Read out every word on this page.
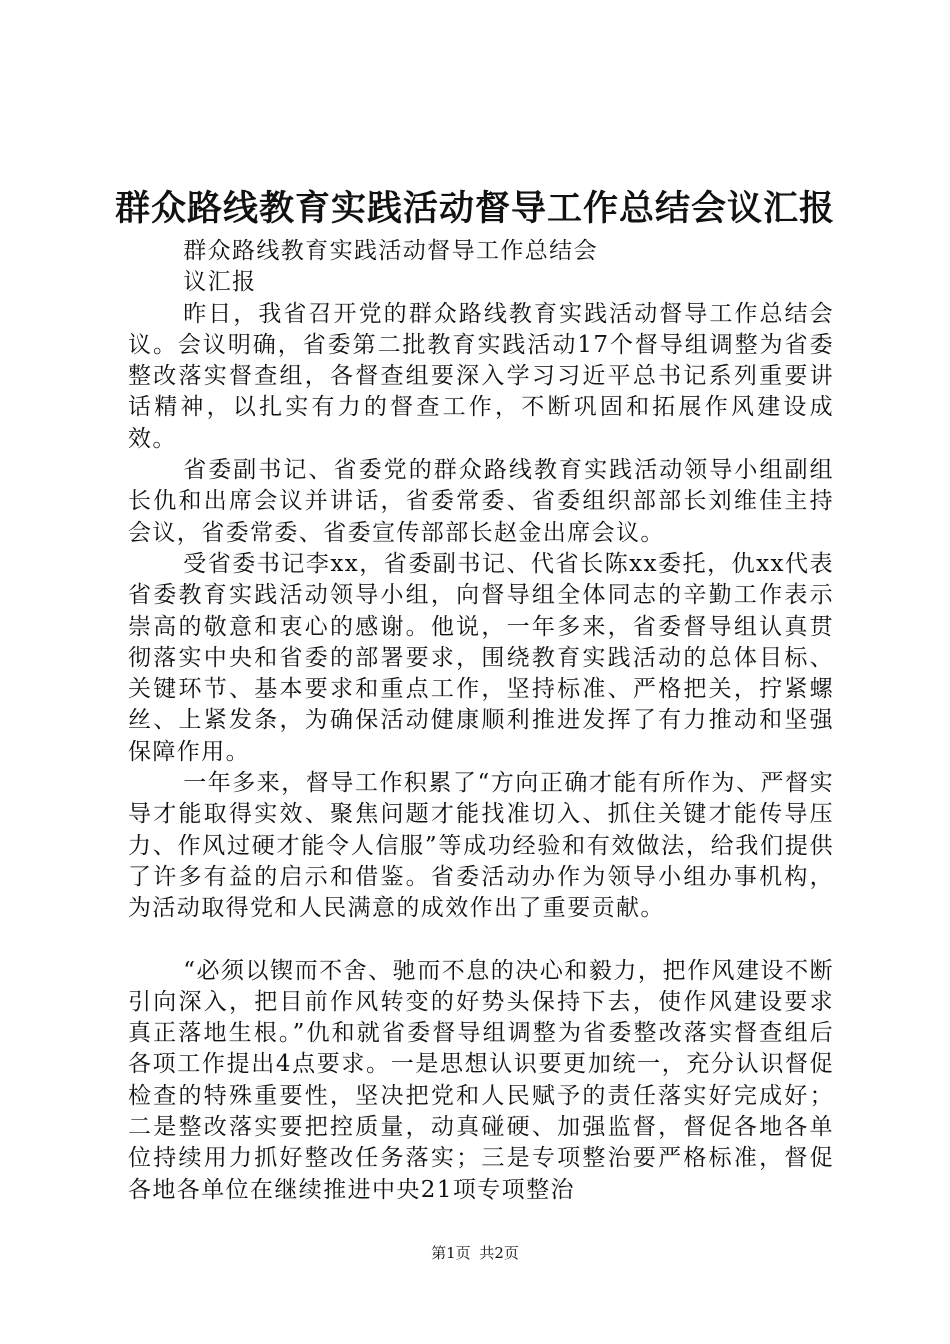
群众路线教育实践活动督导工作总结会议汇报

群众路线教育实践活动督导工作总结会
议汇报

昨日，我省召开党的群众路线教育实践活动督导工作总结会议。会议明确，省委第二批教育实践活动17个督导组调整为省委整改落实督查组，各督查组要深入学习习近平总书记系列重要讲话精神，以扎实有力的督查工作，不断巩固和拓展作风建设成效。

省委副书记、省委党的群众路线教育实践活动领导小组副组长仇和出席会议并讲话，省委常委、省委组织部部长刘维佳主持会议，省委常委、省委宣传部部长赵金出席会议。

受省委书记李xx，省委副书记、代省长陈xx委托，仇xx代表省委教育实践活动领导小组，向督导组全体同志的辛勤工作表示崇高的敬意和衷心的感谢。他说，一年多来，省委督导组认真贯彻落实中央和省委的部署要求，围绕教育实践活动的总体目标、关键环节、基本要求和重点工作，坚持标准、严格把关，拧紧螺丝、上紧发条，为确保活动健康顺利推进发挥了有力推动和坚强保障作用。

一年多来，督导工作积累了“方向正确才能有所作为、严督实导才能取得实效、聚焦问题才能找准切入、抓住关键才能传导压力、作风过硬才能令人信服”等成功经验和有效做法，给我们提供了许多有益的启示和借鉴。省委活动办作为领导小组办事机构，为活动取得党和人民满意的成效作出了重要贡献。

“必须以锲而不舍、驰而不息的决心和毅力，把作风建设不断引向深入，把目前作风转变的好势头保持下去，使作风建设要求真正落地生根。”仇和就省委督导组调整为省委整改落实督查组后各项工作提出4点要求。一是思想认识要更加统一，充分认识督促检查的特殊重要性，坚决把党和人民赋予的责任落实好完成好；二是整改落实要把控质量，动真碰硬、加强监督，督促各地各单位持续用力抓好整改任务落实；三是专项整治要严格标准，督促各地各单位在继续推进中央21项专项整治

第1页 共2页
